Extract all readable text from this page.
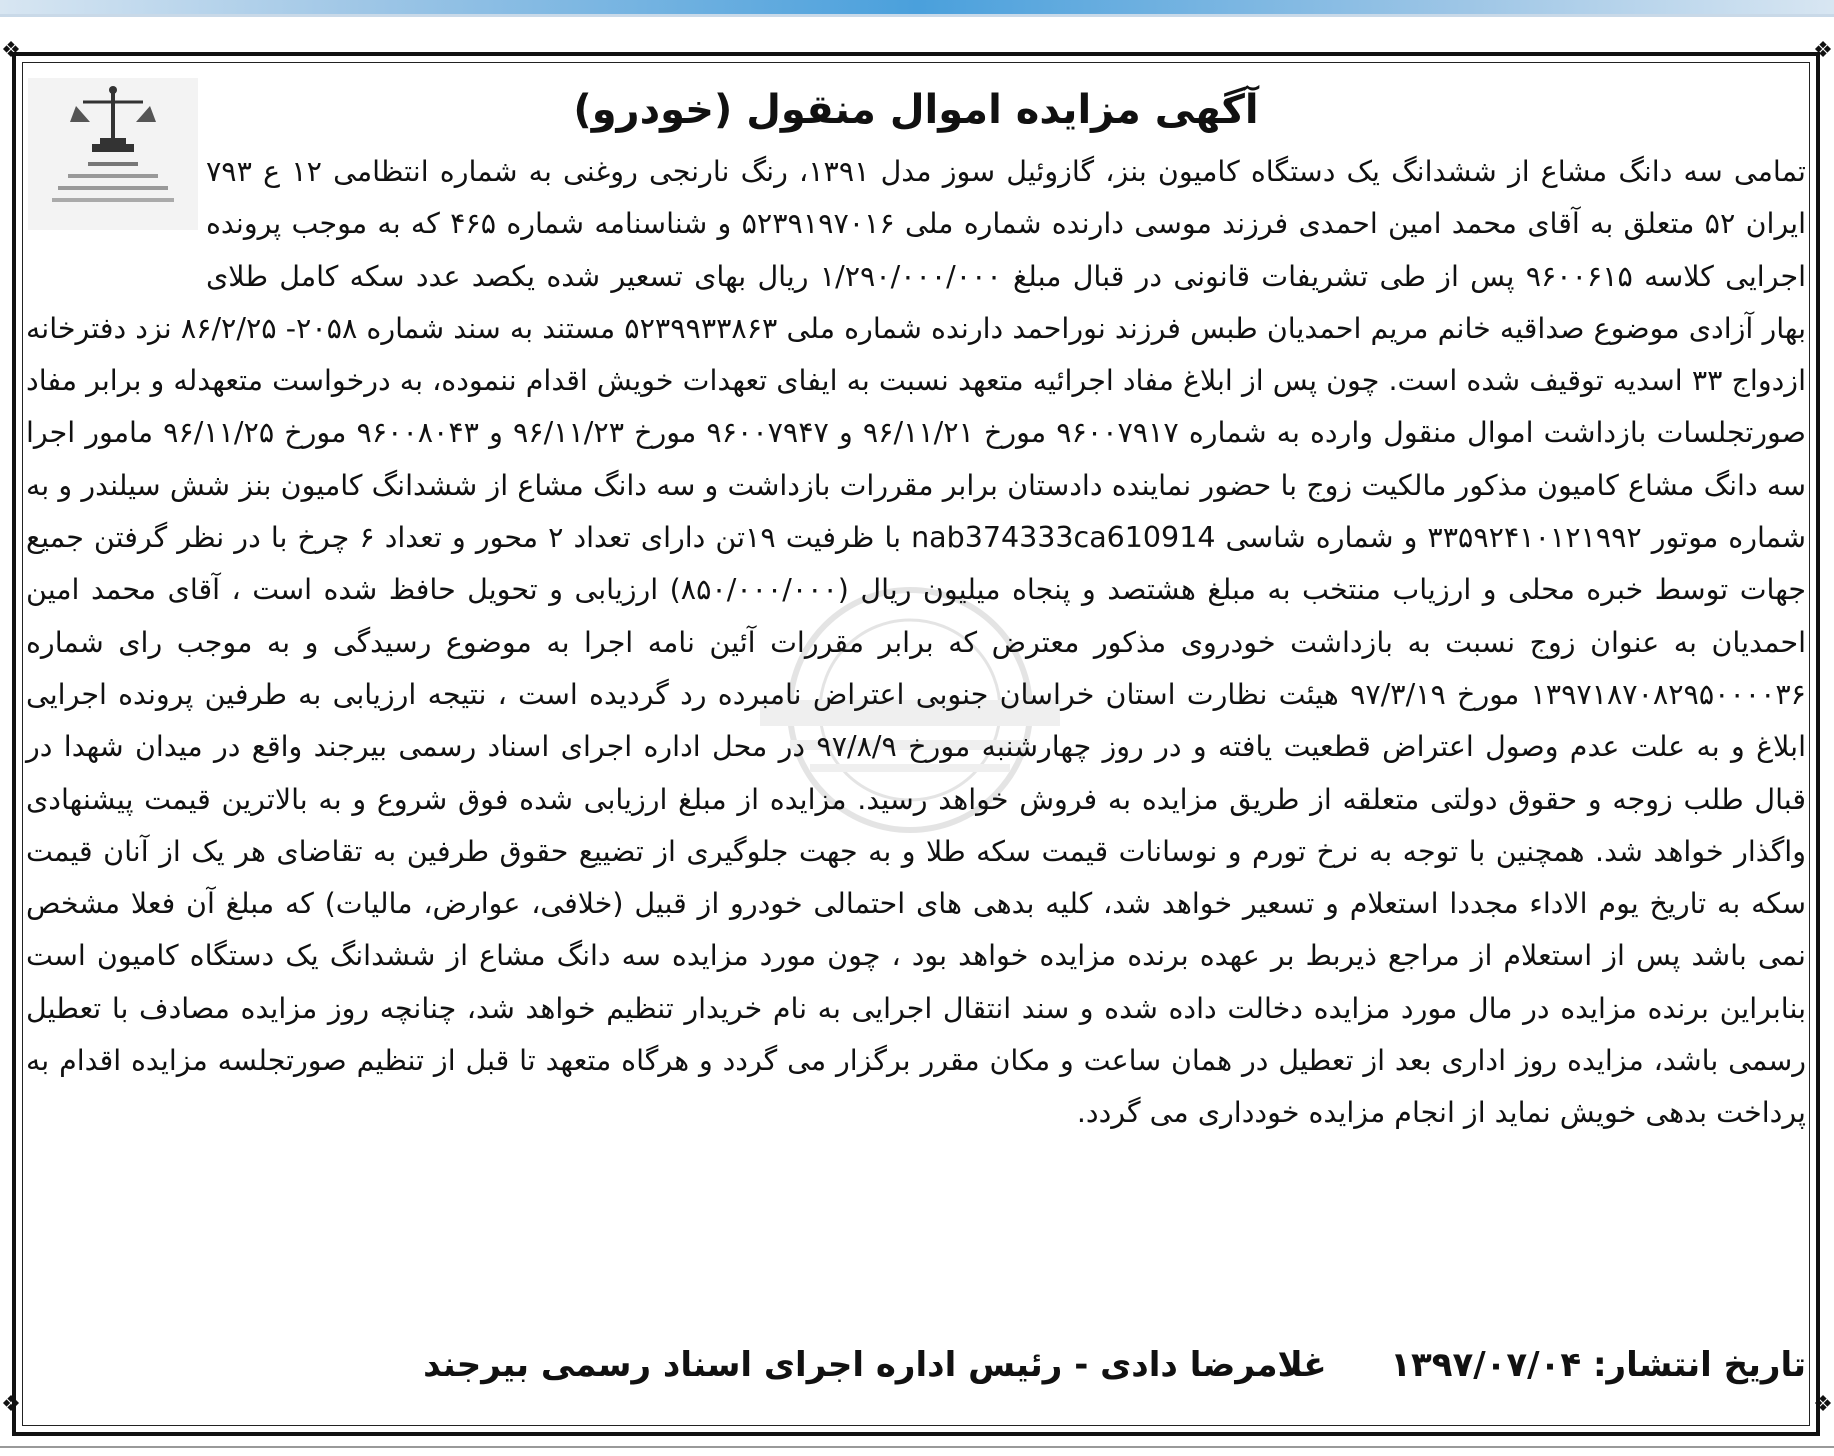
❖	❖
❖	❖
آگهی مزایده اموال منقول (خودرو)
تمامی سه دانگ مشاع از ششدانگ یک دستگاه کامیون بنز، گازوئیل سوز مدل ۱۳۹۱، رنگ نارنجی روغنی به شماره انتظامی ۱۲ ع ۷۹۳ ایران ۵۲ متعلق به آقای محمد امین احمدی فرزند موسی دارنده شماره ملی ۵۲۳۹۱۹۷۰۱۶ و شناسنامه شماره ۴۶۵ که به موجب پرونده اجرایی کلاسه ۹۶۰۰۶۱۵ پس از طی تشریفات قانونی در قبال مبلغ ۱/۲۹۰/۰۰۰/۰۰۰ ریال بهای تسعیر شده یکصد عدد سکه کامل طلای بهار آزادی موضوع صداقیه خانم مریم احمدیان طبس فرزند نوراحمد دارنده شماره ملی ۵۲۳۹۹۳۳۸۶۳ مستند به سند شماره ۲۰۵۸- ۸۶/۲/۲۵ نزد دفترخانه ازدواج ۳۳ اسدیه توقیف شده است. چون پس از ابلاغ مفاد اجرائیه متعهد نسبت به ایفای تعهدات خویش اقدام ننموده، به درخواست متعهدله و برابر مفاد صورتجلسات بازداشت اموال منقول وارده به شماره ۹۶۰۰۷۹۱۷ مورخ ۹۶/۱۱/۲۱ و ۹۶۰۰۷۹۴۷ مورخ ۹۶/۱۱/۲۳ و ۹۶۰۰۸۰۴۳ مورخ ۹۶/۱۱/۲۵ مامور اجرا سه دانگ مشاع کامیون مذکور مالکیت زوج با حضور نماینده دادستان برابر مقررات بازداشت و سه دانگ مشاع از ششدانگ کامیون بنز شش سیلندر و به شماره موتور ۳۳۵۹۲۴۱۰۱۲۱۹۹۲ و شماره شاسی nab374333ca610914 با ظرفیت ۱۹تن دارای تعداد ۲ محور و تعداد ۶ چرخ با در نظر گرفتن جمیع جهات توسط خبره محلی و ارزیاب منتخب به مبلغ هشتصد و پنجاه میلیون ریال (۸۵۰/۰۰۰/۰۰۰) ارزیابی و تحویل حافظ شده است ، آقای محمد امین احمدیان به عنوان زوج نسبت به بازداشت خودروی مذکور معترض که برابر مقررات آئین نامه اجرا به موضوع رسیدگی و به موجب رای شماره ۱۳۹۷۱۸۷۰۸۲۹۵۰۰۰۰۳۶ مورخ ۹۷/۳/۱۹ هیئت نظارت استان خراسان جنوبی اعتراض نامبرده رد گردیده است ، نتیجه ارزیابی به طرفین پرونده اجرایی ابلاغ و به علت عدم وصول اعتراض قطعیت یافته و در روز چهارشنبه مورخ ۹۷/۸/۹ در محل اداره اجرای اسناد رسمی بیرجند واقع در میدان شهدا در قبال طلب زوجه و حقوق دولتی متعلقه از طریق مزایده به فروش خواهد رسید. مزایده از مبلغ ارزیابی شده فوق شروع و به بالاترین قیمت پیشنهادی واگذار خواهد شد. همچنین با توجه به نرخ تورم و نوسانات قیمت سکه طلا و به جهت جلوگیری از تضییع حقوق طرفین به تقاضای هر یک از آنان قیمت سکه به تاریخ یوم الاداء مجددا استعلام و تسعیر خواهد شد، کلیه بدهی های احتمالی خودرو از قبیل (خلافی، عوارض، مالیات) که مبلغ آن فعلا مشخص نمی باشد پس از استعلام از مراجع ذیربط بر عهده برنده مزایده خواهد بود ، چون مورد مزایده سه دانگ مشاع از ششدانگ یک دستگاه کامیون است بنابراین برنده مزایده در مال مورد مزایده دخالت داده شده و سند انتقال اجرایی به نام خریدار تنظیم خواهد شد، چنانچه روز مزایده مصادف با تعطیل رسمی باشد، مزایده روز اداری بعد از تعطیل در همان ساعت و مکان مقرر برگزار می گردد و هرگاه متعهد تا قبل از تنظیم صورتجلسه مزایده اقدام به پرداخت بدهی خویش نماید از انجام مزایده خودداری می گردد.
تاریخ انتشار: ۱۳۹۷/۰۷/۰۴  غلامرضا دادی - رئیس اداره اجرای اسناد رسمی بیرجند
